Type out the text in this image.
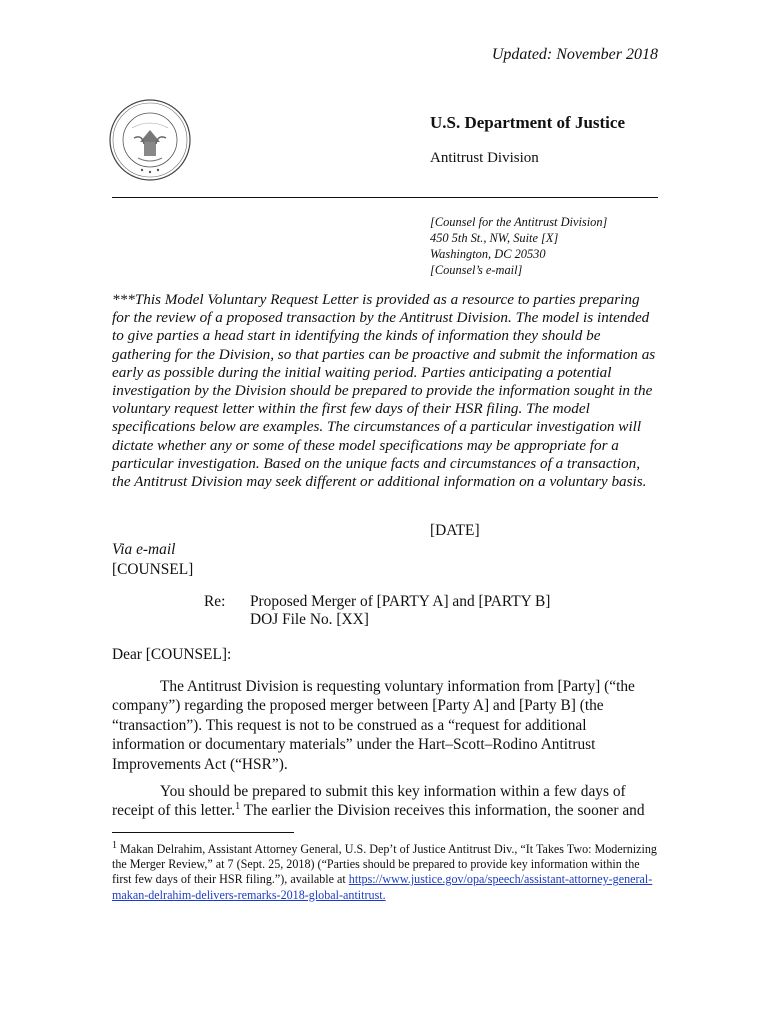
Updated: November 2018
U.S. Department of Justice
Antitrust Division
[Counsel for the Antitrust Division]
450 5th St., NW, Suite [X]
Washington, DC 20530
[Counsel’s e-mail]
***This Model Voluntary Request Letter is provided as a resource to parties preparing for the review of a proposed transaction by the Antitrust Division. The model is intended to give parties a head start in identifying the kinds of information they should be gathering for the Division, so that parties can be proactive and submit the information as early as possible during the initial waiting period. Parties anticipating a potential investigation by the Division should be prepared to provide the information sought in the voluntary request letter within the first few days of their HSR filing. The model specifications below are examples. The circumstances of a particular investigation will dictate whether any or some of these model specifications may be appropriate for a particular investigation. Based on the unique facts and circumstances of a transaction, the Antitrust Division may seek different or additional information on a voluntary basis.
[DATE]
Via e-mail
[COUNSEL]
Re: Proposed Merger of [PARTY A] and [PARTY B]
DOJ File No. [XX]
Dear [COUNSEL]:
The Antitrust Division is requesting voluntary information from [Party] (“the company”) regarding the proposed merger between [Party A] and [Party B] (the “transaction”). This request is not to be construed as a “request for additional information or documentary materials” under the Hart–Scott–Rodino Antitrust Improvements Act (“HSR”).
You should be prepared to submit this key information within a few days of receipt of this letter.$^1$ The earlier the Division receives this information, the sooner and
$^1$ Makan Delrahim, Assistant Attorney General, U.S. Dep’t of Justice Antitrust Div., “It Takes Two: Modernizing the Merger Review,” at 7 (Sept. 25, 2018) (“Parties should be prepared to provide key information within the first few days of their HSR filing.”), available at https://www.justice.gov/opa/speech/assistant-attorney-general-makan-delrahim-delivers-remarks-2018-global-antitrust.
